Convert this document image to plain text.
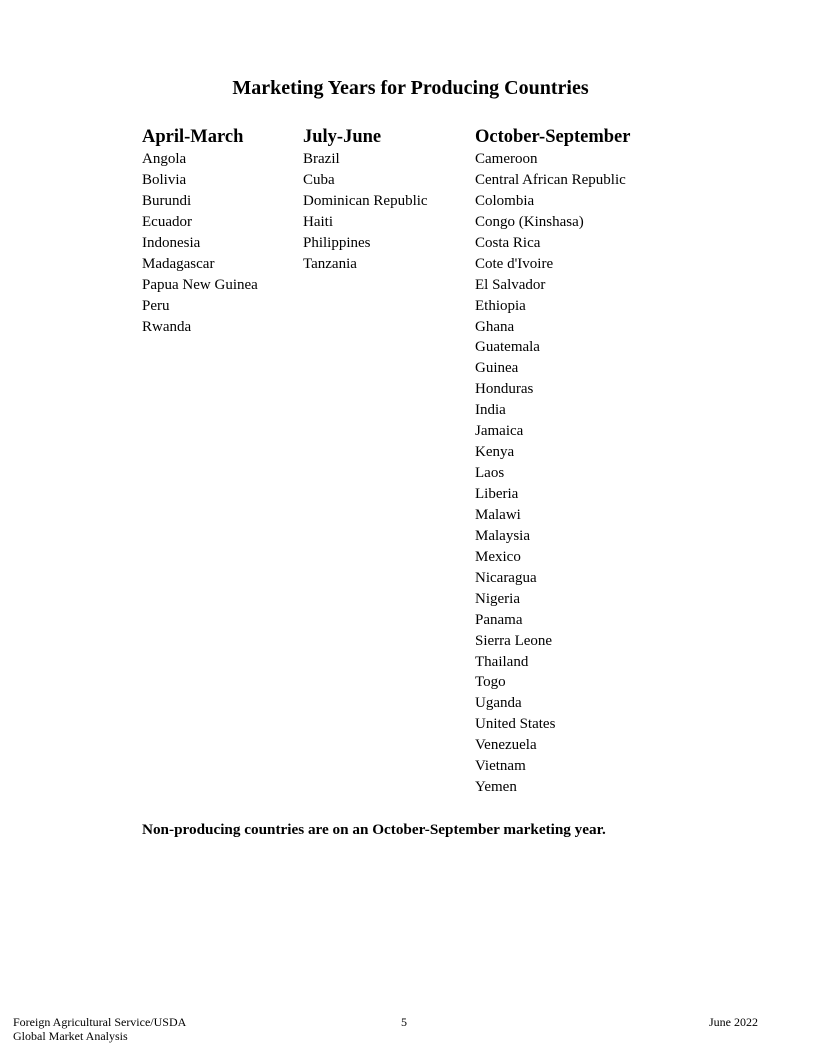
Marketing Years for Producing Countries
April-March
Angola
Bolivia
Burundi
Ecuador
Indonesia
Madagascar
Papua New Guinea
Peru
Rwanda
July-June
Brazil
Cuba
Dominican Republic
Haiti
Philippines
Tanzania
October-September
Cameroon
Central African Republic
Colombia
Congo (Kinshasa)
Costa Rica
Cote d'Ivoire
El Salvador
Ethiopia
Ghana
Guatemala
Guinea
Honduras
India
Jamaica
Kenya
Laos
Liberia
Malawi
Malaysia
Mexico
Nicaragua
Nigeria
Panama
Sierra Leone
Thailand
Togo
Uganda
United States
Venezuela
Vietnam
Yemen
Non-producing countries are on an October-September marketing year.
Foreign Agricultural Service/USDA
Global Market Analysis
5	June 2022
